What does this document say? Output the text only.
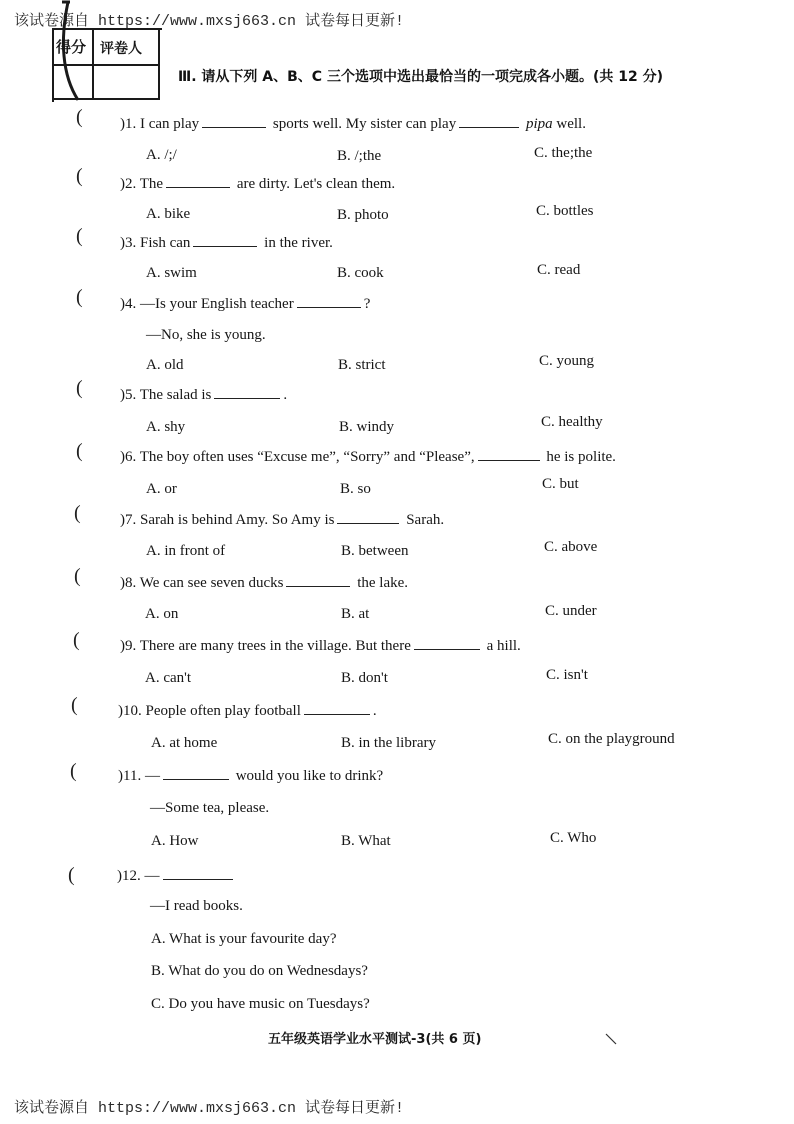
该试卷源自 https://www.mxsj663.cn 试卷每日更新!
得分 评卷人
Ⅲ. 请从下列 A、B、C 三个选项中选出最恰当的一项完成各小题。(共 12 分)
( )1. I can play	sports well. My sister can play	pipa well.
A. /;/	B. /;the	C. the;the
( )2. The	are dirty. Let's clean them.
A. bike	B. photo	C. bottles
( )3. Fish can	in the river.
A. swim	B. cook	C. read
( )4. —Is your English teacher	?
—No, she is young.
A. old	B. strict	C. young
( )5. The salad is	.
A. shy	B. windy	C. healthy
( )6. The boy often uses “Excuse me”, “Sorry” and “Please”,	he is polite.
A. or	B. so	C. but
(	)7. Sarah is behind Amy. So Amy is	Sarah.
A. in front of	B. between	C. above
(	)8. We can see seven ducks	the lake.
A. on	B. at	C. under
(	)9. There are many trees in the village. But there	a hill.
A. can't	B. don't	C. isn't
(	)10. People often play football	.
A. at home	B. in the library	C. on the playground
(	)11. —	would you like to drink?
—Some tea, please.
A. How	B. What	C. Who
(	)12. —
—I read books.
A. What is your favourite day?
B. What do you do on Wednesdays?
C. Do you have music on Tuesdays?
五年级英语学业水平测试-3(共 6 页)
该试卷源自 https://www.mxsj663.cn 试卷每日更新!
